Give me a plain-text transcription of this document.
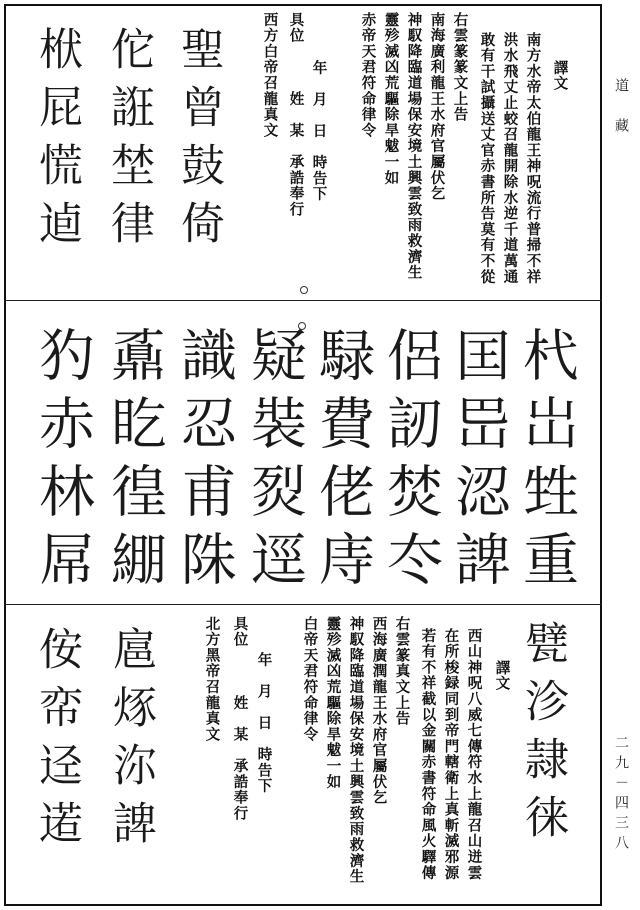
道　藏
二九－四三八
譯文
南方水帝太伯龍王神呪流行普掃不祥
洪水飛丈止蛟召龍開除水逆千道萬通
敢有干試攝送丈官赤書所告莫有不從
右雲篆篆文上告
南海廣利龍王水府官屬伏乞
神馭降臨道場保安境土興雲致雨救濟生
靈殄滅凶荒驅除旱魃一如
赤帝天君符命律令
年　月　日　時告下
具位　　　姓　某　承誥奉行
西方白帝召龍真文
聖曾鼓倚
佗誑埜律
栿屁慌逌
杙岀甡重
囯岊涊諀
侶訒焚冭
騄費佬庤
疑裝烮逕
識忍甫陎
鼒盵徨綳
犳赤林屌
甓沴隷徕
譯文
西山神呪八威七傳符水上龍召山迸雲
在所梭録同到帝門轄衛上真斬滅邪源
若有不祥截以金關赤書符命風火驛傳
右雲篆真文上告
西海廣潤龍王水府官屬伏乞
神馭降臨道場保安境土興雲致雨救濟生
靈殄滅凶荒驅除旱魃一如
白帝天君符命律令
年　月　日　時告下
具位　　　姓　某　承誥奉行
北方黑帝召龍真文
扈烼沵諀
侒帟迳逽
